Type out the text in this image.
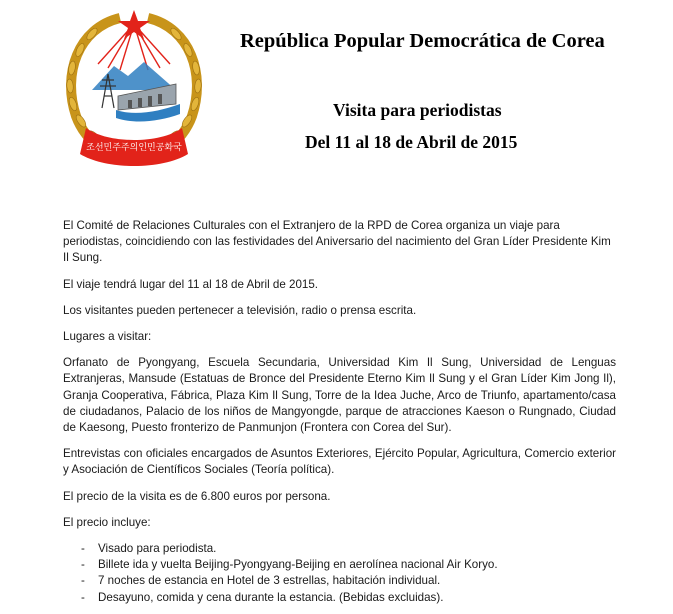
조선민주주의인민공화국
República Popular Democrática de Corea
Visita para periodistas
Del 11 al 18 de Abril de 2015

El Comité de Relaciones Culturales con el Extranjero de la RPD de Corea organiza un viaje para periodistas, coincidiendo con las festividades del Aniversario del nacimiento del Gran Líder Presidente Kim Il Sung.

El viaje tendrá lugar del 11 al 18 de Abril de 2015.

Los visitantes pueden pertenecer a televisión, radio o prensa escrita.

Lugares a visitar:

Orfanato de Pyongyang, Escuela Secundaria, Universidad Kim Il Sung, Universidad de Lenguas Extranjeras, Mansude (Estatuas de Bronce del Presidente Eterno Kim Il Sung y el Gran Líder Kim Jong Il), Granja Cooperativa, Fábrica, Plaza Kim Il Sung, Torre de la Idea Juche, Arco de Triunfo, apartamento/casa de ciudadanos, Palacio de los niños de Mangyongde, parque de atracciones Kaeson o Rungnado, Ciudad de Kaesong, Puesto fronterizo de Panmunjon (Frontera con Corea del Sur).

Entrevistas con oficiales encargados de Asuntos Exteriores, Ejército Popular, Agricultura, Comercio exterior y Asociación de Científicos Sociales (Teoría política).

El precio de la visita es de 6.800 euros por persona.

El precio incluye:

- Visado para periodista.
- Billete ida y vuelta Beijing-Pyongyang-Beijing en aerolínea nacional Air Koryo.
- 7 noches de estancia en Hotel de 3 estrellas, habitación individual.
- Desayuno, comida y cena durante la estancia. (Bebidas excluidas).
